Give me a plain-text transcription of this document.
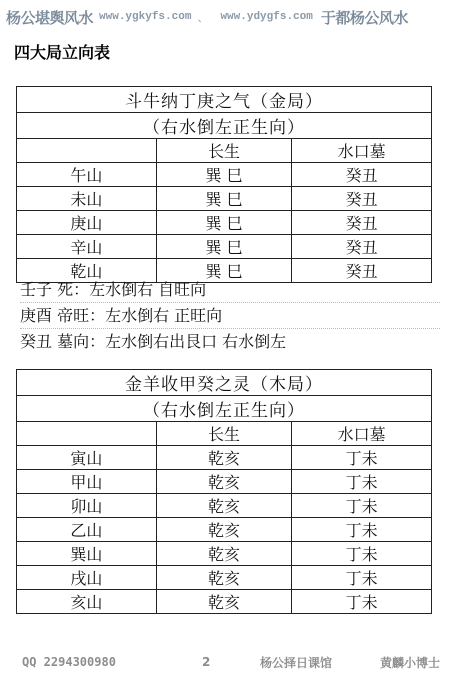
杨公堪舆风水 www.ygkyfs.com 、 www.ydygfs.com 于都杨公风水
四大局立向表
斗牛纳丁庚之气（金局）		
（右水倒左正生向）		
	长生	水口墓
午山	巽 巳	癸丑
未山	巽 巳	癸丑
庚山	巽 巳	癸丑
辛山	巽 巳	癸丑
乾山	巽 巳	癸丑
壬子 死：左水倒右 自旺向
庚酉 帝旺：左水倒右 正旺向
癸丑 墓向：左水倒右出艮口 右水倒左
金羊收甲癸之灵（木局）		
（右水倒左正生向）		
	长生	水口墓
寅山	乾亥	丁未
甲山	乾亥	丁未
卯山	乾亥	丁未
乙山	乾亥	丁未
巽山	乾亥	丁未
戌山	乾亥	丁未
亥山	乾亥	丁未
QQ 2294300980	2	杨公择日课馆	黄麟小博士
